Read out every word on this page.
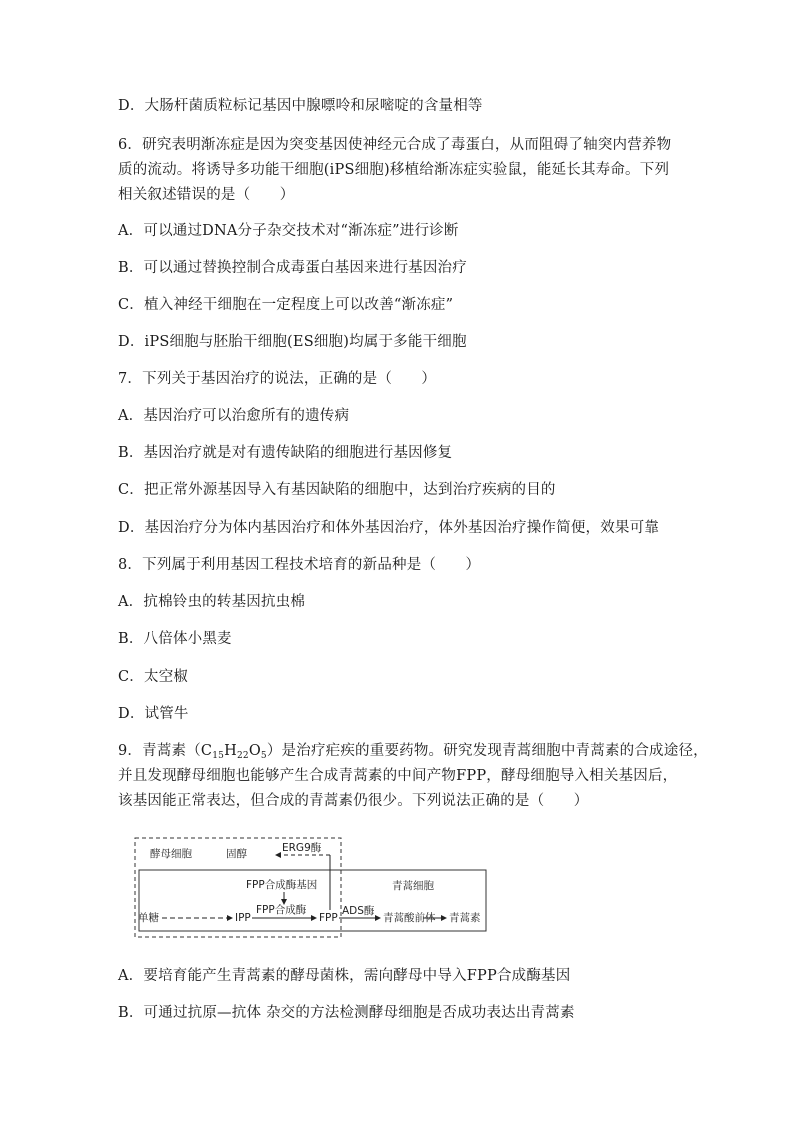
D．大肠杆菌质粒标记基因中腺嘌呤和尿嘧啶的含量相等
6．研究表明渐冻症是因为突变基因使神经元合成了毒蛋白，从而阻碍了轴突内营养物
质的流动。将诱导多功能干细胞(iPS细胞)移植给渐冻症实验鼠，能延长其寿命。下列
相关叙述错误的是（　　）
A．可以通过DNA分子杂交技术对“渐冻症”进行诊断
B．可以通过替换控制合成毒蛋白基因来进行基因治疗
C．植入神经干细胞在一定程度上可以改善“渐冻症”
D．iPS细胞与胚胎干细胞(ES细胞)均属于多能干细胞
7．下列关于基因治疗的说法，正确的是（　　）
A．基因治疗可以治愈所有的遗传病
B．基因治疗就是对有遗传缺陷的细胞进行基因修复
C．把正常外源基因导入有基因缺陷的细胞中，达到治疗疾病的目的
D．基因治疗分为体内基因治疗和体外基因治疗，体外基因治疗操作简便，效果可靠
8．下列属于利用基因工程技术培育的新品种是（　　）
A．抗棉铃虫的转基因抗虫棉
B．八倍体小黑麦
C．太空椒
D．试管牛
9．青蒿素$(C_{15}H_{22}O_5)$是治疗疟疾的重要药物。研究发现青蒿细胞中青蒿素的合成途径，
并且发现酵母细胞也能够产生合成青蒿素的中间产物FPP，酵母细胞导入相关基因后，
该基因能正常表达，但合成的青蒿素仍很少。下列说法正确的是（　　）
酵母细胞	固醇	ERG9酶
FPP合成酶基因	青蒿细胞
单糖	IPP
FPP合成酶
FPP
ADS酶
青蒿酸前体 青蒿素
A．要培育能产生青蒿素的酵母菌株，需向酵母中导入FPP合成酶基因
B．可通过抗原—抗体 杂交的方法检测酵母细胞是否成功表达出青蒿素
